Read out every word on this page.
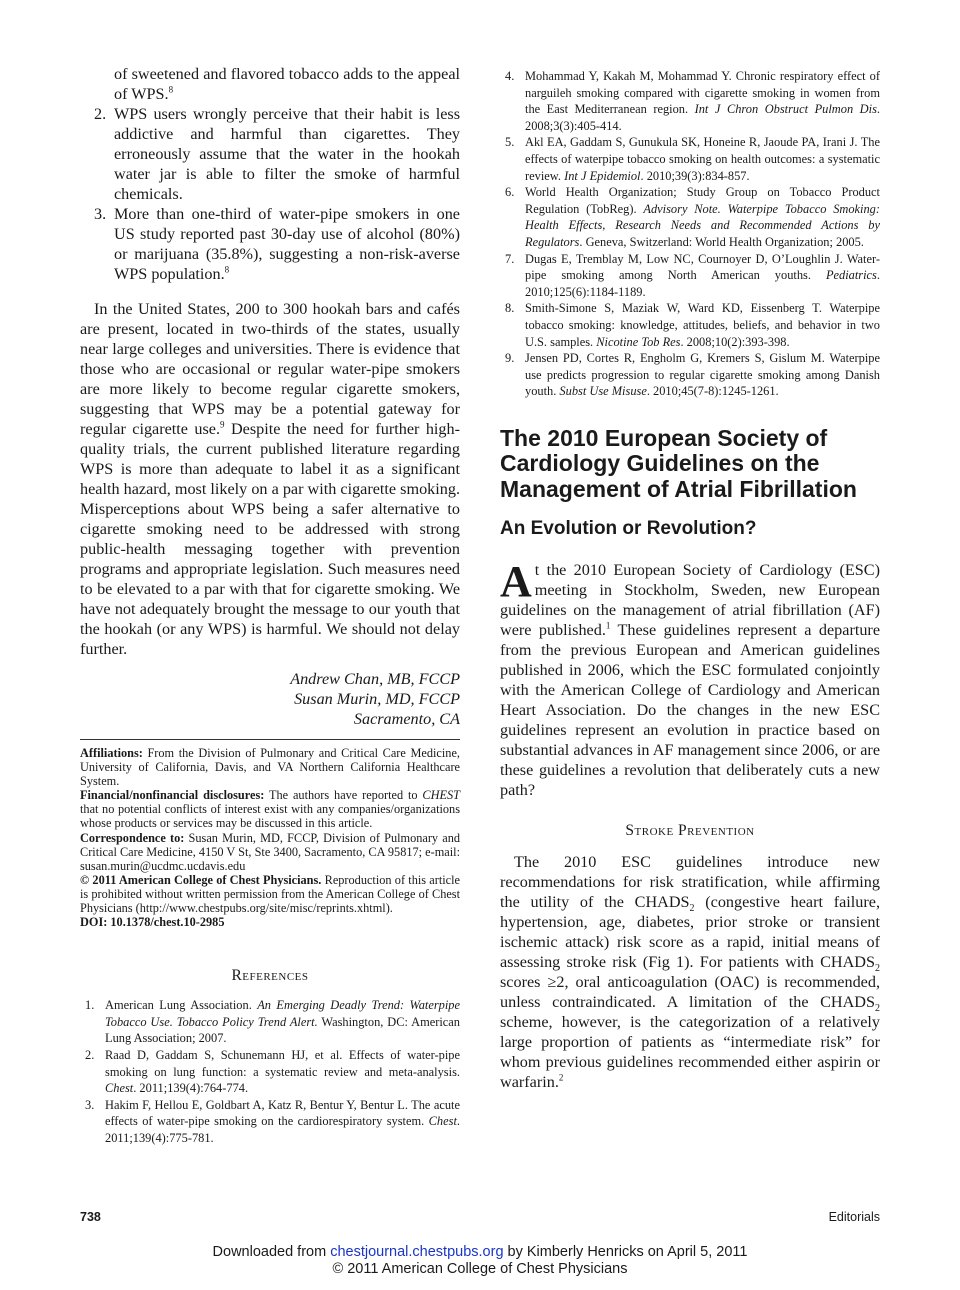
of sweetened and flavored tobacco adds to the appeal of WPS.$^8$
2. WPS users wrongly perceive that their habit is less addictive and harmful than cigarettes. They erroneously assume that the water in the hookah water jar is able to filter the smoke of harmful chemicals.
3. More than one-third of water-pipe smokers in one US study reported past 30-day use of alcohol (80%) or marijuana (35.8%), suggesting a non-risk-averse WPS population.$^8$

In the United States, 200 to 300 hookah bars and cafés are present, located in two-thirds of the states, usually near large colleges and universities. There is evidence that those who are occasional or regular water-pipe smokers are more likely to become regular cigarette smokers, suggesting that WPS may be a potential gateway for regular cigarette use.$^9$ Despite the need for further high-quality trials, the current published literature regarding WPS is more than adequate to label it as a significant health hazard, most likely on a par with cigarette smoking. Misperceptions about WPS being a safer alternative to cigarette smoking need to be addressed with strong public-health messaging together with prevention programs and appropriate legislation. Such measures need to be elevated to a par with that for cigarette smoking. We have not adequately brought the message to our youth that the hookah (or any WPS) is harmful. We should not delay further.

Andrew Chan, MB, FCCP
Susan Murin, MD, FCCP
Sacramento, CA

Affiliations: From the Division of Pulmonary and Critical Care Medicine, University of California, Davis, and VA Northern California Healthcare System.

Financial/nonfinancial disclosures: The authors have reported to CHEST that no potential conflicts of interest exist with any companies/organizations whose products or services may be discussed in this article.

Correspondence to: Susan Murin, MD, FCCP, Division of Pulmonary and Critical Care Medicine, 4150 V St, Ste 3400, Sacramento, CA 95817; e-mail: susan.murin@ucdmc.ucdavis.edu

© 2011 American College of Chest Physicians. Reproduction of this article is prohibited without written permission from the American College of Chest Physicians (http://www.chestpubs.org/site/misc/reprints.xhtml).

DOI: 10.1378/chest.10-2985

References
1. American Lung Association. An Emerging Deadly Trend: Waterpipe Tobacco Use. Tobacco Policy Trend Alert. Washington, DC: American Lung Association; 2007.
2. Raad D, Gaddam S, Schunemann HJ, et al. Effects of water-pipe smoking on lung function: a systematic review and meta-analysis. Chest. 2011;139(4):764-774.
3. Hakim F, Hellou E, Goldbart A, Katz R, Bentur Y, Bentur L. The acute effects of water-pipe smoking on the cardiorespiratory system. Chest. 2011;139(4):775-781.
4. Mohammad Y, Kakah M, Mohammad Y. Chronic respiratory effect of narguileh smoking compared with cigarette smoking in women from the East Mediterranean region. Int J Chron Obstruct Pulmon Dis. 2008;3(3):405-414.
5. Akl EA, Gaddam S, Gunukula SK, Honeine R, Jaoude PA, Irani J. The effects of waterpipe tobacco smoking on health outcomes: a systematic review. Int J Epidemiol. 2010;39(3):834-857.
6. World Health Organization; Study Group on Tobacco Product Regulation (TobReg). Advisory Note. Waterpipe Tobacco Smoking: Health Effects, Research Needs and Recommended Actions by Regulators. Geneva, Switzerland: World Health Organization; 2005.
7. Dugas E, Tremblay M, Low NC, Cournoyer D, O’Loughlin J. Water-pipe smoking among North American youths. Pediatrics. 2010;125(6):1184-1189.
8. Smith-Simone S, Maziak W, Ward KD, Eissenberg T. Waterpipe tobacco smoking: knowledge, attitudes, beliefs, and behavior in two U.S. samples. Nicotine Tob Res. 2008;10(2):393-398.
9. Jensen PD, Cortes R, Engholm G, Kremers S, Gislum M. Waterpipe use predicts progression to regular cigarette smoking among Danish youth. Subst Use Misuse. 2010;45(7-8):1245-1261.
The 2010 European Society of Cardiology Guidelines on the Management of Atrial Fibrillation
An Evolution or Revolution?

At the 2010 European Society of Cardiology (ESC) meeting in Stockholm, Sweden, new European guidelines on the management of atrial fibrillation (AF) were published.$^1$ These guidelines represent a departure from the previous European and American guidelines published in 2006, which the ESC formulated conjointly with the American College of Cardiology and American Heart Association. Do the changes in the new ESC guidelines represent an evolution in practice based on substantial advances in AF management since 2006, or are these guidelines a revolution that deliberately cuts a new path?

Stroke Prevention

The 2010 ESC guidelines introduce new recommendations for risk stratification, while affirming the utility of the $CHADS_2$ (congestive heart failure, hypertension, age, diabetes, prior stroke or transient ischemic attack) risk score as a rapid, initial means of assessing stroke risk (Fig 1). For patients with $CHADS_2$ scores ≥2, oral anticoagulation (OAC) is recommended, unless contraindicated. A limitation of the $CHADS_2$ scheme, however, is the categorization of a relatively large proportion of patients as “intermediate risk” for whom previous guidelines recommended either aspirin or warfarin.$^2$

738	Editorials
Downloaded from chestjournal.chestpubs.org by Kimberly Henricks on April 5, 2011
© 2011 American College of Chest Physicians
